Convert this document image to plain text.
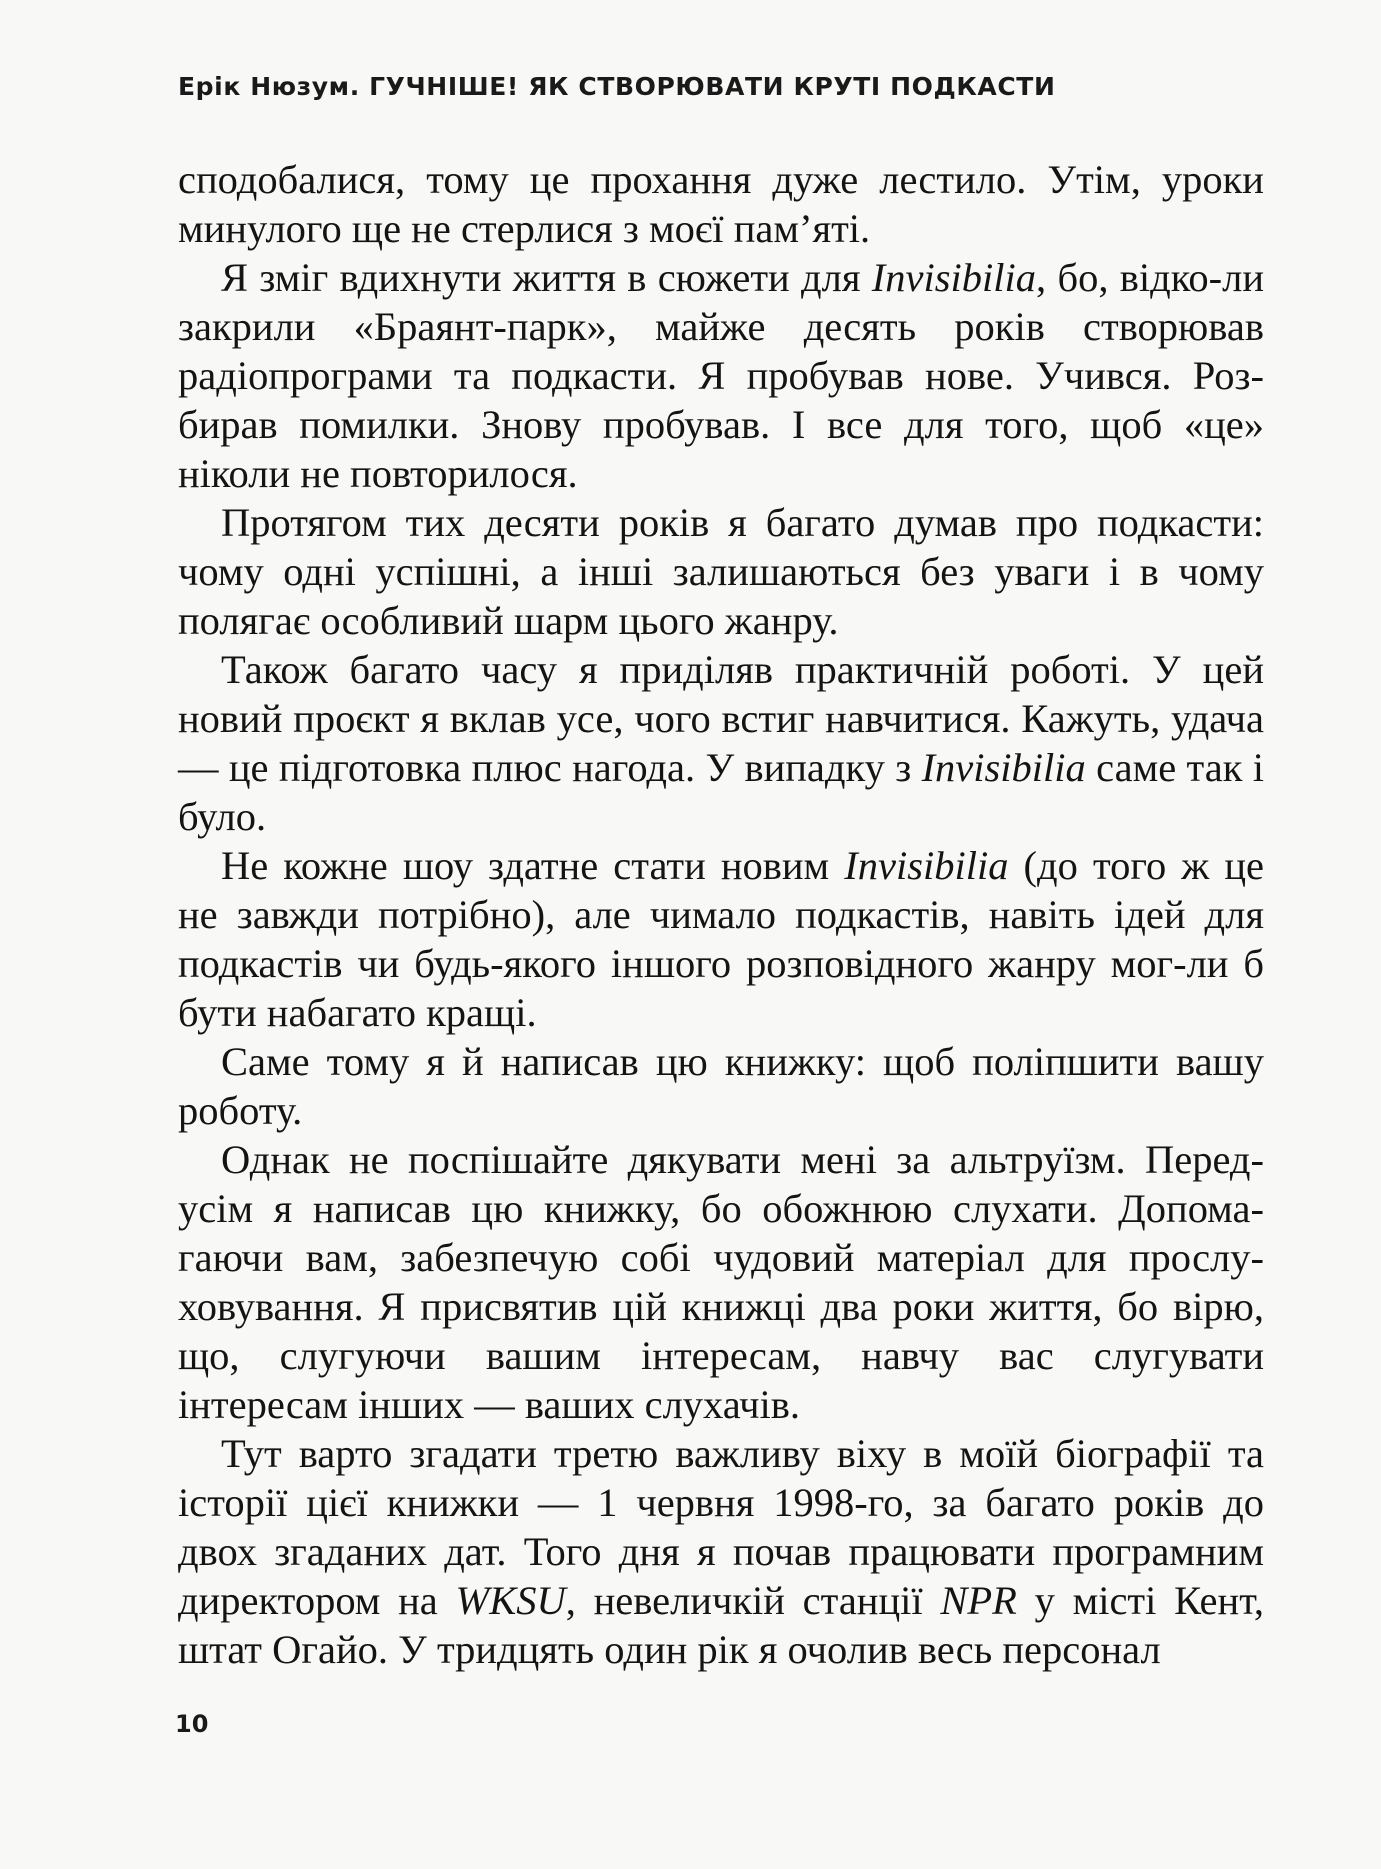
Ерік Нюзум. ГУЧНІШЕ! ЯК СТВОРЮВАТИ КРУТІ ПОДКАСТИ

сподобалися, тому це прохання дуже лестило. Утім, уроки минулого ще не стерлися з моєї пам’яті.

Я зміг вдихнути життя в сюжети для Invisibilia, бо, відко-ли закрили «Браянт-парк», майже десять років створював радіопрограми та подкасти. Я пробував нове. Учився. Роз-бирав помилки. Знову пробував. І все для того, щоб «це» ніколи не повторилося.

Протягом тих десяти років я багато думав про подкасти: чому одні успішні, а інші залишаються без уваги і в чому полягає особливий шарм цього жанру.

Також багато часу я приділяв практичній роботі. У цей новий проєкт я вклав усе, чого встиг навчитися. Кажуть, удача — це підготовка плюс нагода. У випадку з Invisibilia саме так і було.

Не кожне шоу здатне стати новим Invisibilia (до того ж це не завжди потрібно), але чимало подкастів, навіть ідей для подкастів чи будь-якого іншого розповідного жанру мог-ли б бути набагато кращі.

Саме тому я й написав цю книжку: щоб поліпшити вашу роботу.

Однак не поспішайте дякувати мені за альтруїзм. Перед-усім я написав цю книжку, бо обожнюю слухати. Допома-гаючи вам, забезпечую собі чудовий матеріал для прослу-ховування. Я присвятив цій книжці два роки життя, бо вірю, що, слугуючи вашим інтересам, навчу вас слугувати інтересам інших — ваших слухачів.

Тут варто згадати третю важливу віху в моїй біографії та історії цієї книжки — 1 червня 1998-го, за багато років до двох згаданих дат. Того дня я почав працювати програмним директором на WKSU, невеличкій станції NPR у місті Кент, штат Огайо. У тридцять один рік я очолив весь персонал

10
